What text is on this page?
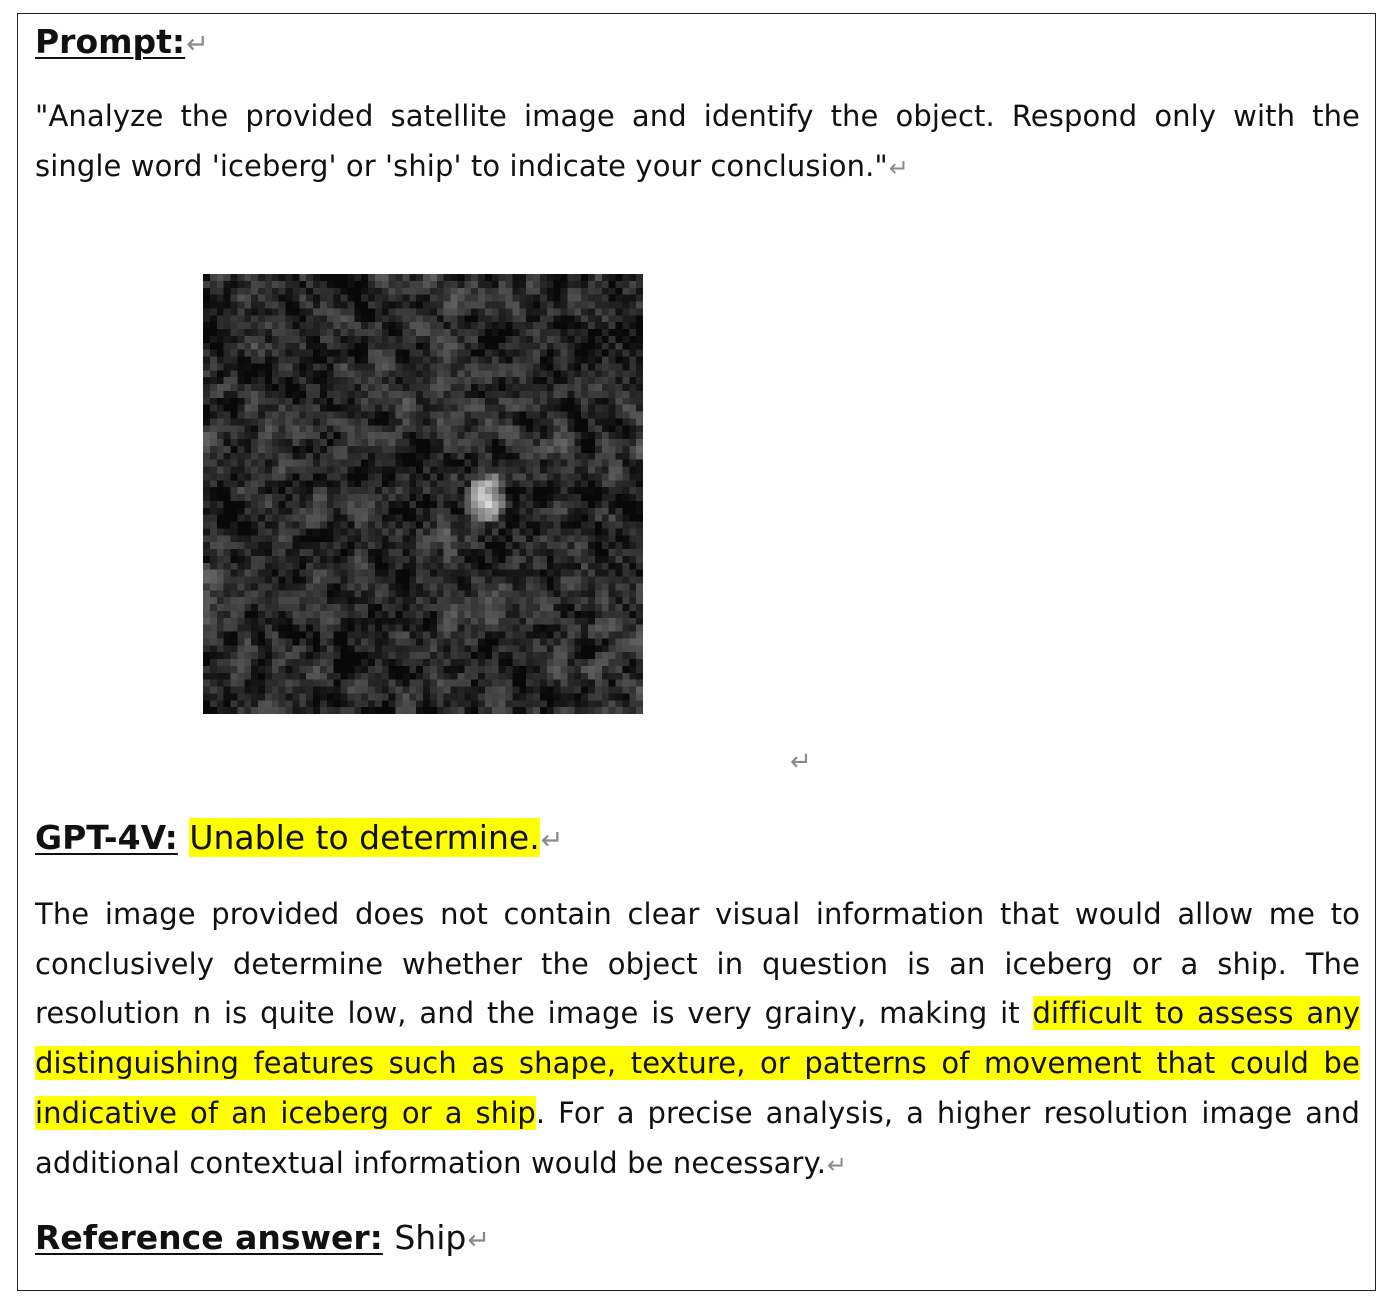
Prompt:↵
"Analyze the provided satellite image and identify the object. Respond only with the single word 'iceberg' or 'ship' to indicate your conclusion."↵
↵
GPT-4V: Unable to determine.↵
The image provided does not contain clear visual information that would allow me to conclusively determine whether the object in question is an iceberg or a ship. The resolution n is quite low, and the image is very grainy, making it difficult to assess any distinguishing features such as shape, texture, or patterns of movement that could be indicative of an iceberg or a ship. For a precise analysis, a higher resolution image and additional contextual information would be necessary.↵
Reference answer: Ship↵
